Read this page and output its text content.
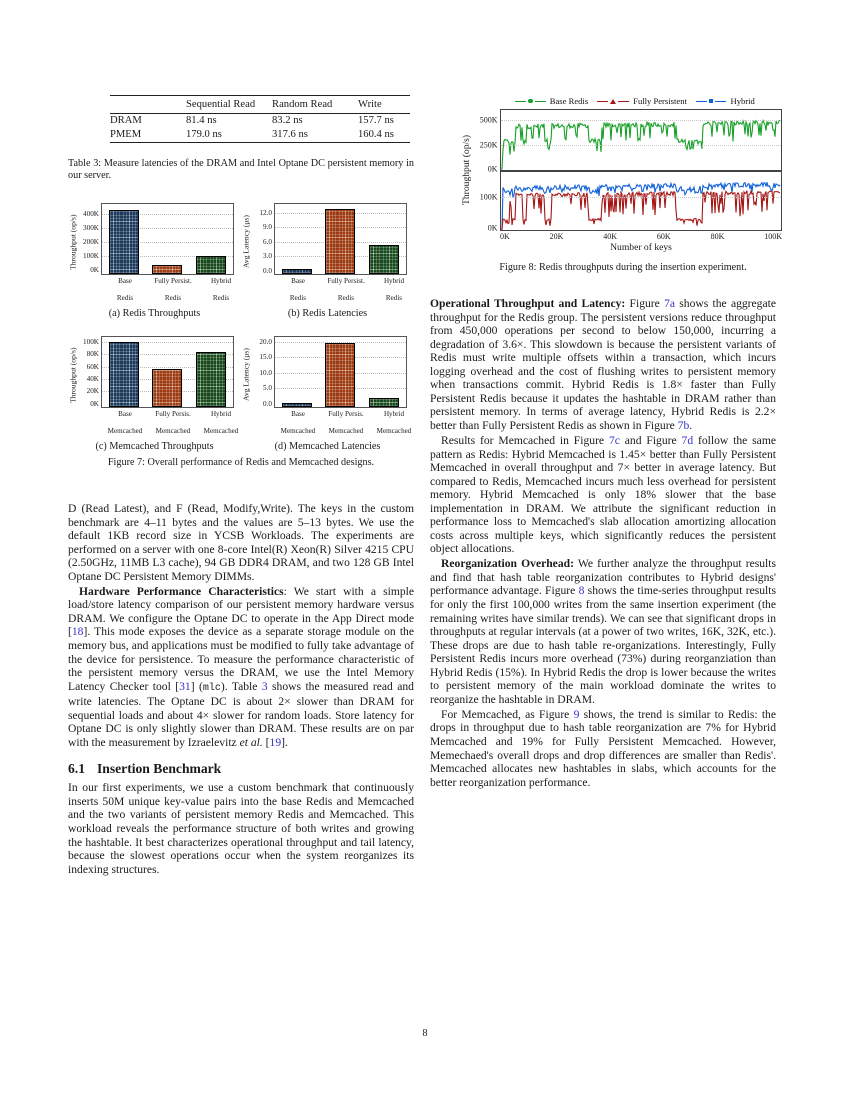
	Sequential Read	Random Read	Write
DRAM	81.4 ns	83.2 ns	157.7 ns
PMEM	179.0 ns	317.6 ns	160.4 ns
Table 3: Measure latencies of the DRAM and Intel Optane DC persistent memory in our server.
Throughput (op/s)
400K
300K
200K
100K
0K
Base

Redis
Fully Persist.

Redis
Hybrid

Redis
(a) Redis Throughputs
Avg Latency (μs)
12.0
9.0
6.0
3.0
0.0
Base

Redis
Fully Persist.

Redis
Hybrid

Redis
(b) Redis Latencies
Throughput (op/s)
100K
80K
60K
40K
20K
0K
Base

Memcached
Fully Persis.

Memcached
Hybrid

Memcached
(c) Memcached Throughputs
Avg Latency (μs)
20.0
15.0
10.0
5.0
0.0
Base

Memcached
Fully Persis.

Memcached
Hybrid

Memcached
(d) Memcached Latencies
Figure 7: Overall performance of Redis and Memcached designs.
Base Redis	Fully Persistent	Hybrid
Throughput (op/s)
500K
250K
0K
100K
0K
0K	20K	40K	60K	80K	100K
Number of keys
Figure 8: Redis throughputs during the insertion experiment.

D (Read Latest), and F (Read, Modify,Write). The keys in the custom benchmark are 4–11 bytes and the values are 5–13 bytes. We use the default 1KB record size in YCSB Workloads. The experiments are performed on a server with one 8-core Intel(R) Xeon(R) Silver 4215 CPU (2.50GHz, 11MB L3 cache), 94 GB DDR4 DRAM, and two 128 GB Intel Optane DC Persistent Memory DIMMs.

Hardware Performance Characteristics: We start with a simple load/store latency comparison of our persistent memory hardware versus DRAM. We configure the Optane DC to operate in the App Direct mode [18]. This mode exposes the device as a separate storage module on the memory bus, and applications must be modified to fully take advantage of the device for persistence. To measure the performance characteristic of the persistent memory versus the DRAM, we use the Intel Memory Latency Checker tool [31] (mlc). Table 3 shows the measured read and write latencies. The Optane DC is about 2× slower than DRAM for sequential loads and about 4× slower for random loads. Store latency for Optane DC is only slightly slower than DRAM. These results are on par with the measurement by Izraelevitz et al. [19].

6.1 Insertion Benchmark

In our first experiments, we use a custom benchmark that continuously inserts 50M unique key-value pairs into the base Redis and Memcached and the two variants of persistent memory Redis and Memcached. This workload reveals the performance structure of both writes and growing the hashtable. It best characterizes operational throughput and tail latency, because the slowest operations occur when the system reorganizes its indexing structures.

Operational Throughput and Latency: Figure 7a shows the aggregate throughput for the Redis group. The persistent versions reduce throughput from 450,000 operations per second to below 150,000, incurring a degradation of 3.6×. This slowdown is because the persistent variants of Redis must write multiple offsets within a transaction, which incurs logging overhead and the cost of flushing writes to persistent memory when transactions commit. Hybrid Redis is 1.8× faster than Fully Persistent Redis because it updates the hashtable in DRAM rather than persistent memory. In terms of average latency, Hybrid Redis is 2.2× better than Fully Persistent Redis as shown in Figure 7b.

Results for Memcached in Figure 7c and Figure 7d follow the same pattern as Redis: Hybrid Memcached is 1.45× better than Fully Persistent Memcached in overall throughput and 7× better in average latency. But compared to Redis, Memcached incurs much less overhead for persistent memory. Hybrid Memcached is only 18% slower that the base implementation in DRAM. We attribute the significant reduction in performance loss to Memcached's slab allocation amortizing allocation costs across multiple keys, which significantly reduces the persistent object allocations.

Reorganization Overhead: We further analyze the throughput results and find that hash table reorganization contributes to Hybrid designs' performance advantage. Figure 8 shows the time-series throughput results for only the first 100,000 writes from the same insertion experiment (the remaining writes have similar trends). We can see that significant drops in throughputs at regular intervals (at a power of two writes, 16K, 32K, etc.). These drops are due to hash table re-organizations. Interestingly, Fully Persistent Redis incurs more overhead (73%) during reorganziation than Hybrid Redis (15%). In Hybrid Redis the drop is lower because the writes to persistent memory of the main workload dominate the writes to reorganize the hashtable in DRAM.

For Memcached, as Figure 9 shows, the trend is similar to Redis: the drops in throughput due to hash table reorganization are 7% for Hybrid Memcached and 19% for Fully Persistent Memcached. However, Memechaed's overall drops and drop differences are smaller than Redis'. Memcached allocates new hashtables in slabs, which accounts for the better reorganization performance.

8
